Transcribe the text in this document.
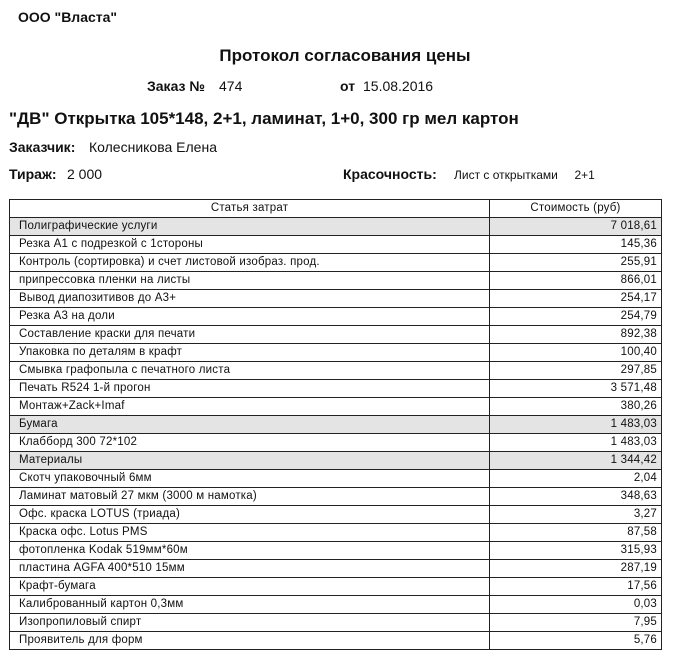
ООО "Власта"
Протокол согласования цены
Заказ № 474	от 15.08.2016
"ДВ" Открытка 105*148, 2+1, ламинат, 1+0, 300 гр мел картон
Заказчик: Колесникова Елена
Тираж: 2 000	Красочность: Лист с открытками     2+1
Статья затрат	Стоимость (руб)
Полиграфические услуги	7 018,61
Резка А1 с подрезкой с 1стороны	145,36
Контроль (сортировка) и счет листовой изобраз. прод.	255,91
припрессовка пленки на листы	866,01
Вывод диапозитивов до А3+	254,17
Резка А3 на доли	254,79
Составление краски для печати	892,38
Упаковка по деталям в крафт	100,40
Смывка графопыла с печатного листа	297,85
Печать R524 1-й прогон	3 571,48
Монтаж+Zack+Imaf	380,26
Бумага	1 483,03
Клабборд 300 72*102	1 483,03
Материалы	1 344,42
Скотч упаковочный 6мм	2,04
Ламинат матовый 27 мкм (3000 м намотка)	348,63
Офс. краска LOTUS (триада)	3,27
Краска офс. Lotus PMS	87,58
фотопленка Kodak 519мм*60м	315,93
пластина AGFA 400*510 15мм	287,19
Крафт-бумага	17,56
Калиброванный картон 0,3мм	0,03
Изопропиловый спирт	7,95
Проявитель для форм	5,76
